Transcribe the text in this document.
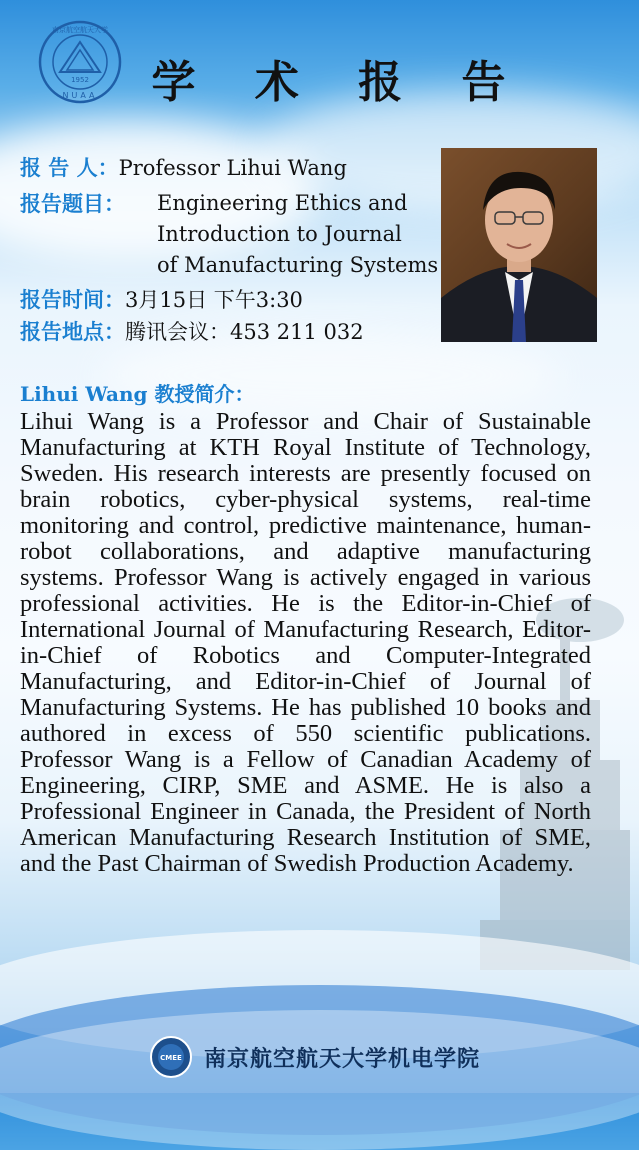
1952
NUAA
南京航空航天大学
学 术 报 告
报 告 人：Professor Lihui Wang
报告题目： Engineering Ethics and
Introduction to Journal
of Manufacturing Systems
报告时间：3月15日 下午3:30
报告地点：腾讯会议：453 211 032
Lihui Wang 教授简介：

Lihui Wang is a Professor and Chair of Sustainable Manufacturing at KTH Royal Institute of Technology, Sweden. His research interests are presently focused on brain robotics, cyber-physical systems, real-time monitoring and control, predictive maintenance, human-robot collaborations, and adaptive manufacturing systems. Professor Wang is actively engaged in various professional activities. He is the Editor-in-Chief of International Journal of Manufacturing Research, Editor-in-Chief of Robotics and Computer-Integrated Manufacturing, and Editor-in-Chief of Journal of Manufacturing Systems. He has published 10 books and authored in excess of 550 scientific publications. Professor Wang is a Fellow of Canadian Academy of Engineering, CIRP, SME and ASME. He is also a Professional Engineer in Canada, the President of North American Manufacturing Research Institution of SME, and the Past Chairman of Swedish Production Academy.

CMEE 南京航空航天大学机电学院
